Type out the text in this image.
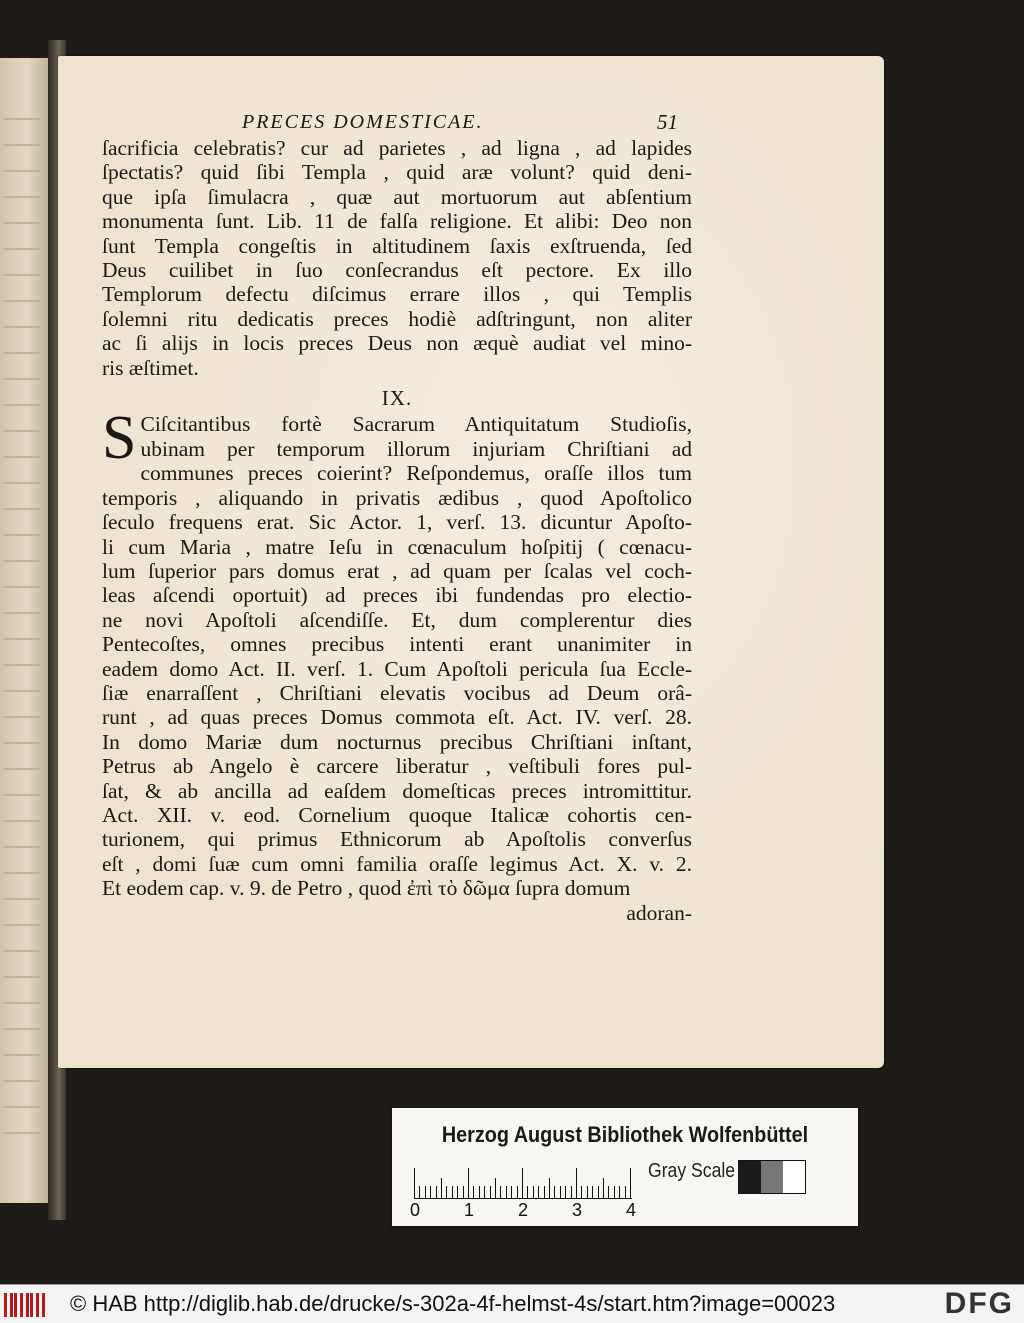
PRECES DOMESTICAE.	51
ſacrificia celebratis? cur ad parietes , ad ligna , ad lapides
ſpectatis? quid ſibi Templa , quid aræ volunt? quid deni-
que ipſa ſimulacra , quæ aut mortuorum aut abſentium
monumenta ſunt. Lib. 11 de falſa religione. Et alibi: Deo non
ſunt Templa congeſtis in altitudinem ſaxis exſtruenda, ſed
Deus cuilibet in ſuo conſecrandus eſt pectore. Ex illo
Templorum defectu diſcimus errare illos , qui Templis
ſolemni ritu dedicatis preces hodiè adſtringunt, non aliter
ac ſi alijs in locis preces Deus non æquè audiat vel mino-
ris æſtimet.
IX.
S Ciſcitantibus fortè Sacrarum Antiquitatum Studioſis,
ubinam per temporum illorum injuriam Chriſtiani ad
communes preces coierint? Reſpondemus, oraſſe illos tum
temporis , aliquando in privatis ædibus , quod Apoſtolico
ſeculo frequens erat. Sic Actor. 1, verſ. 13. dicuntur Apoſto-
li cum Maria , matre Ieſu in cœnaculum hoſpitij ( cœnacu-
lum ſuperior pars domus erat , ad quam per ſcalas vel coch-
leas aſcendi oportuit) ad preces ibi fundendas pro electio-
ne novi Apoſtoli aſcendiſſe. Et, dum complerentur dies
Pentecoſtes, omnes precibus intenti erant unanimiter in
eadem domo Act. II. verſ. 1. Cum Apoſtoli pericula ſua Eccle-
ſiæ enarraſſent , Chriſtiani elevatis vocibus ad Deum orâ-
runt , ad quas preces Domus commota eſt. Act. IV. verſ. 28.
In domo Mariæ dum nocturnus precibus Chriſtiani inſtant,
Petrus ab Angelo è carcere liberatur , veſtibuli fores pul-
ſat, & ab ancilla ad eaſdem domeſticas preces intromittitur.
Act. XII. v. eod. Cornelium quoque Italicæ cohortis cen-
turionem, qui primus Ethnicorum ab Apoſtolis converſus
eſt , domi ſuæ cum omni familia oraſſe legimus Act. X. v. 2.
Et eodem cap. v. 9. de Petro , quod ἐπὶ τὸ δῶμα ſupra domum
adoran-
Herzog August Bibliothek Wolfenbüttel
0 1 2 3 4
Gray Scale
© HAB http://diglib.hab.de/drucke/s-302a-4f-helmst-4s/start.htm?image=00023	DFG
